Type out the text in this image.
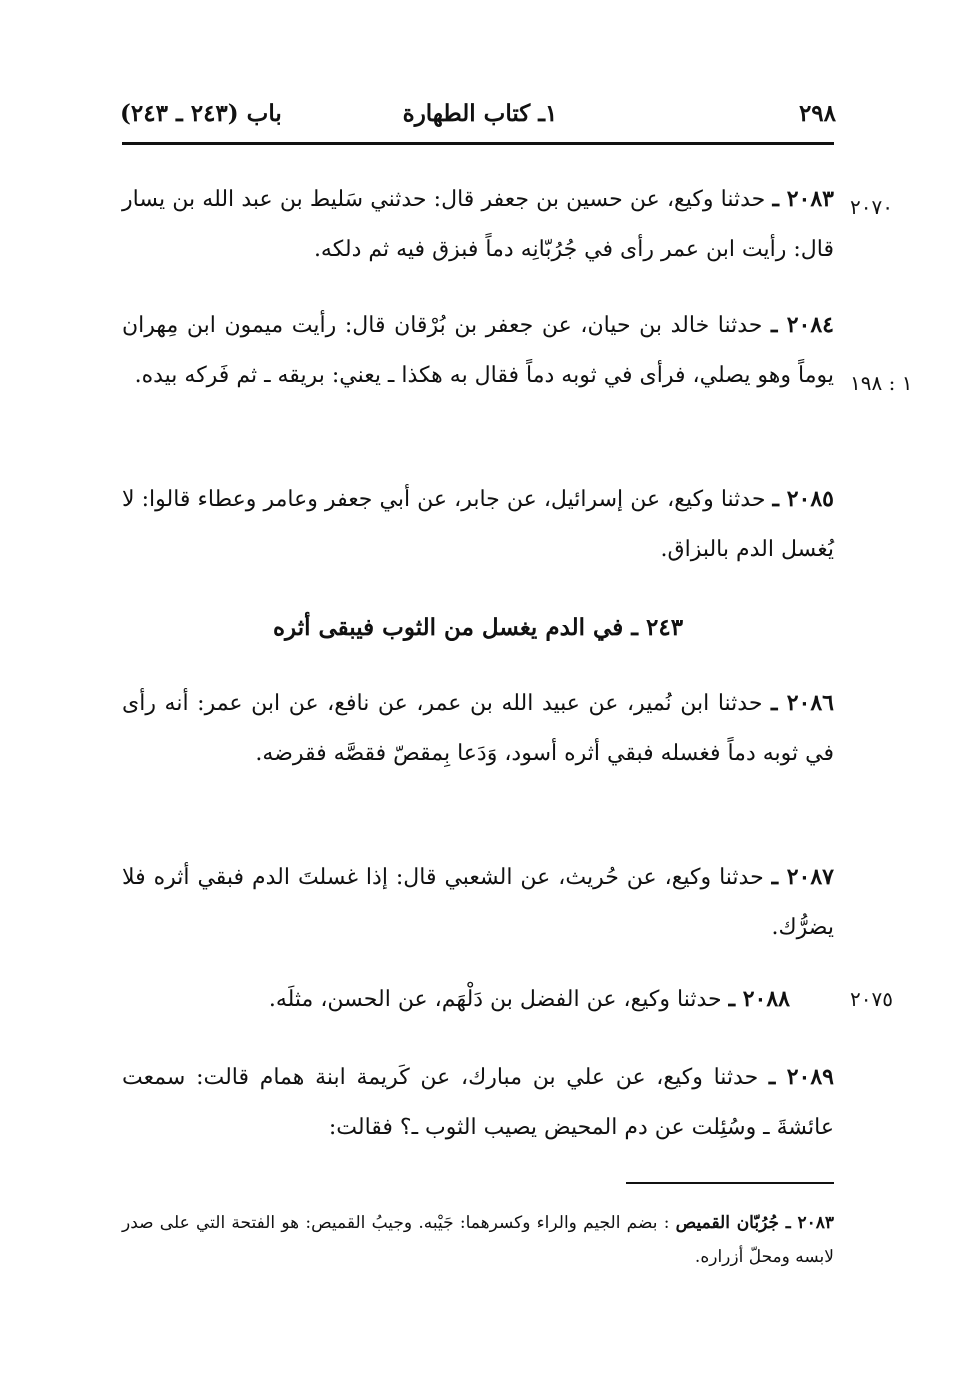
٢٩٨
١ـ كتاب الطهارة
باب (٢٤٣ ـ ٢٤٣)
٢٠٧٠
١ : ١٩٨
٢٠٧٥
٢٠٨٣ ـ حدثنا وكيع، عن حسين بن جعفر قال: حدثني سَليط بن عبد الله بن يسار قال: رأيت ابن عمر رأى في جُرُبّانِه دماً فبزق فيه ثم دلكه.
٢٠٨٤ ـ حدثنا خالد بن حيان، عن جعفر بن بُرْقان قال: رأيت ميمون ابن مِهران يوماً وهو يصلي، فرأى في ثوبه دماً فقال به هكذا ـ يعني: بريقه ـ ثم فَركه بيده.
٢٠٨٥ ـ حدثنا وكيع، عن إسرائيل، عن جابر، عن أبي جعفر وعامر وعطاء قالوا: لا يُغسل الدم بالبزاق.
٢٤٣ ـ في الدم يغسل من الثوب فيبقى أثره
٢٠٨٦ ـ حدثنا ابن نُمير، عن عبيد الله بن عمر، عن نافع، عن ابن عمر: أنه رأى في ثوبه دماً فغسله فبقي أثره أسود، وَدَعا بِمقصّ فقصَّه فقرضه.
٢٠٨٧ ـ حدثنا وكيع، عن حُريث، عن الشعبي قال: إذا غسلتَ الدم فبقي أثره فلا يضرُّك.
٢٠٨٨ ـ حدثنا وكيع، عن الفضل بن دَلْهَم، عن الحسن، مثلَه.
٢٠٨٩ ـ حدثنا وكيع، عن علي بن مبارك، عن كَريمة ابنة همام قالت: سمعت عائشةَ ـ وسُئِلت عن دم المحيض يصيب الثوب ـ؟ فقالت:
٢٠٨٣ ـ جُرُبّان القميص : بضم الجيم والراء وكسرهما: جَيْبه. وجيبُ القميص: هو الفتحة التي على صدر لابسه ومحلّ أزراره.
